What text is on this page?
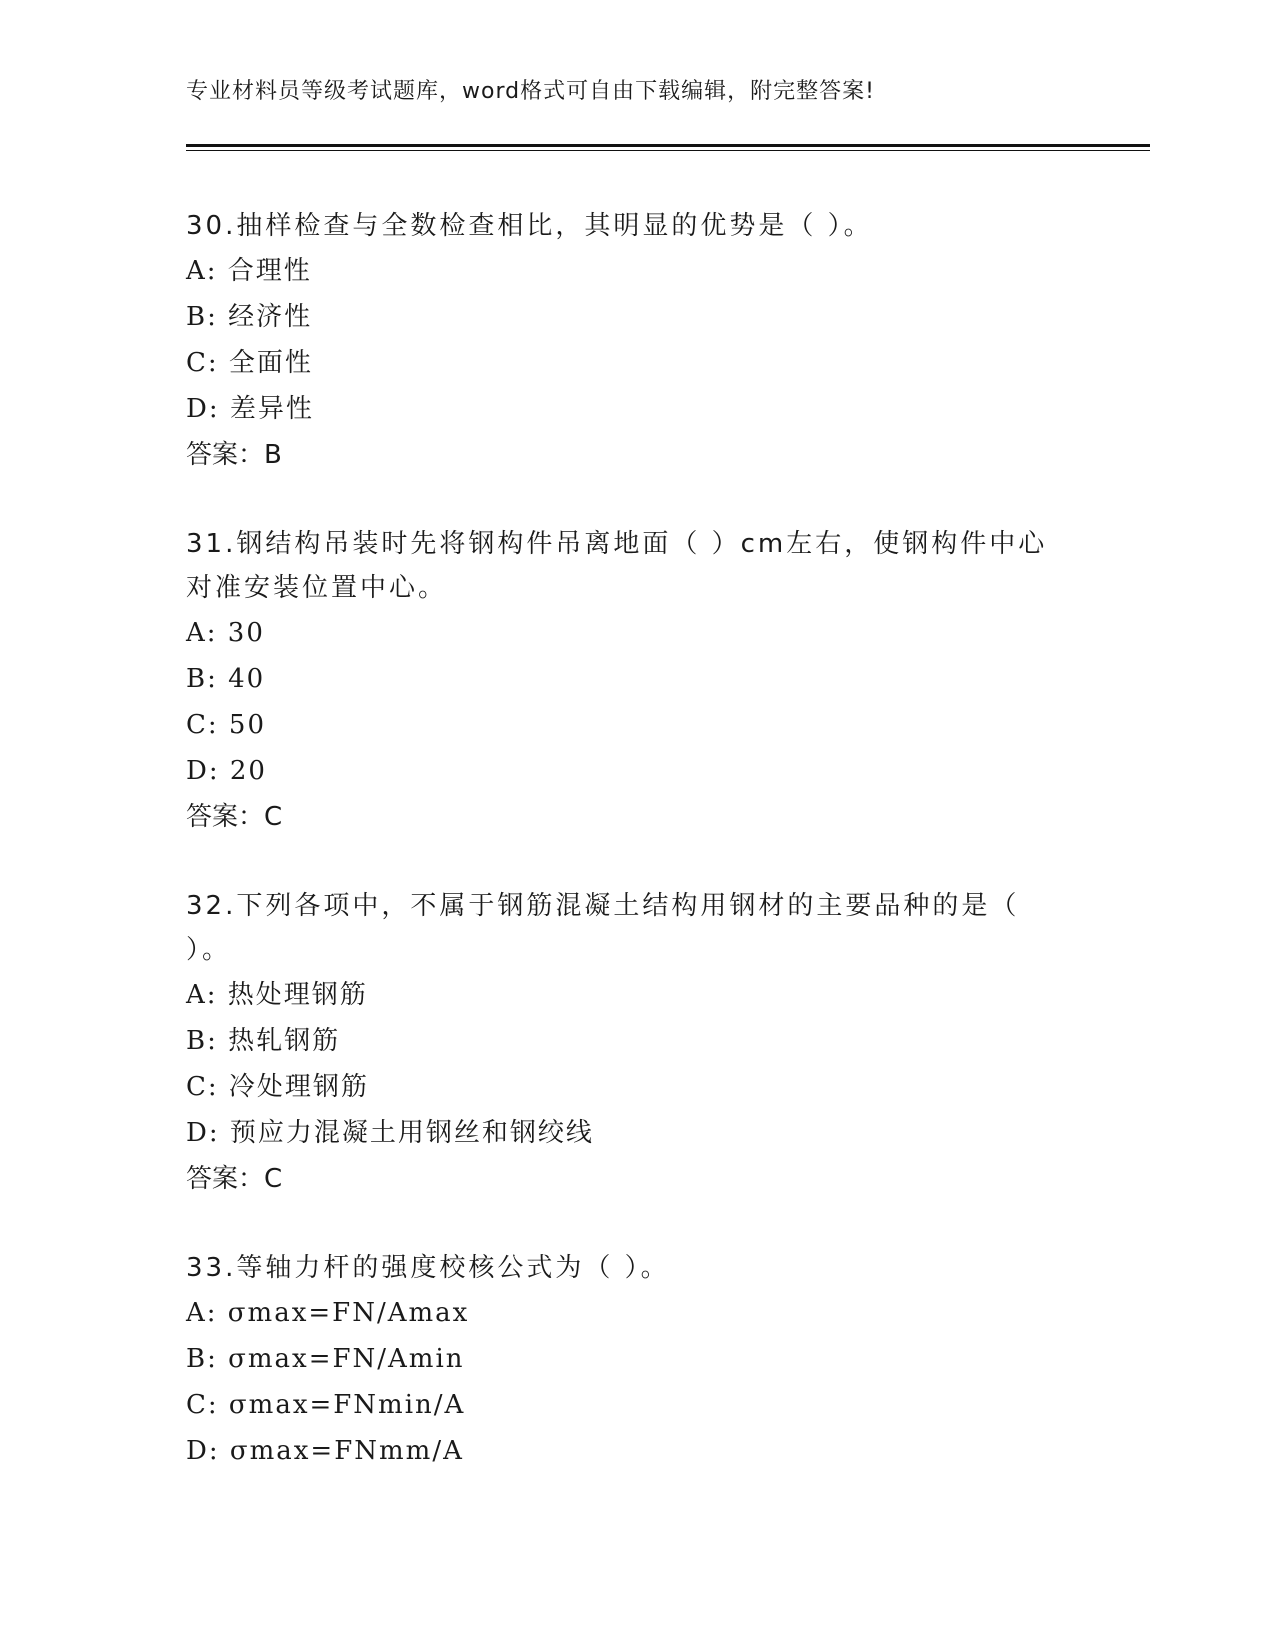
专业材料员等级考试题库，word格式可自由下载编辑，附完整答案!

30.抽样检查与全数检查相比，其明显的优势是（ ）。

A: 合理性

B: 经济性

C: 全面性

D: 差异性

答案：B

31.钢结构吊装时先将钢构件吊离地面（ ）cm左右，使钢构件中心对准安装位置中心。

A: 30

B: 40

C: 50

D: 20

答案：C

32.下列各项中，不属于钢筋混凝土结构用钢材的主要品种的是（ ）。

A: 热处理钢筋

B: 热轧钢筋

C: 冷处理钢筋

D: 预应力混凝土用钢丝和钢绞线

答案：C

33.等轴力杆的强度校核公式为（ ）。

A: σmax=FN/Amax

B: σmax=FN/Amin

C: σmax=FNmin/A

D: σmax=FNmm/A
